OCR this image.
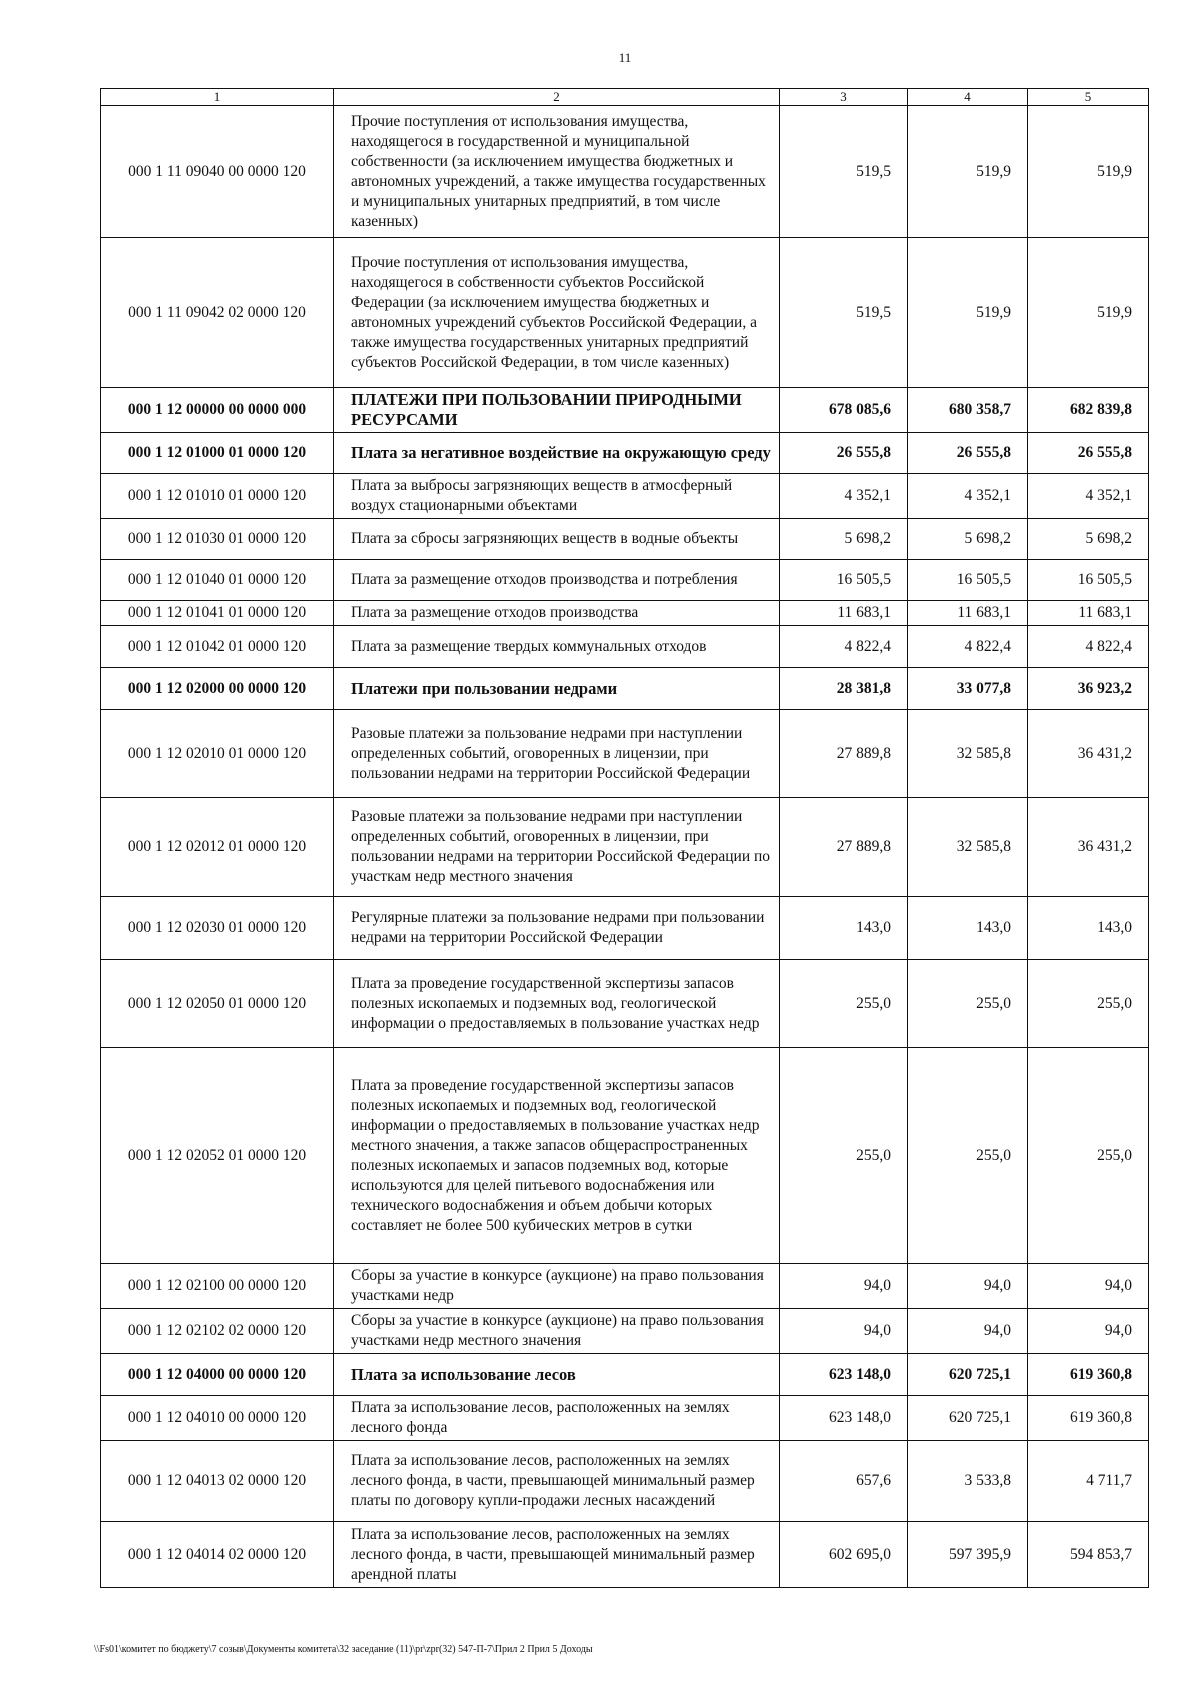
11
1	2	3	4	5
000 1 11 09040 00 0000 120	Прочие поступления от использования имущества, находящегося в государственной и муниципальной собственности (за исключением имущества бюджетных и автономных учреждений, а также имущества государственных и муниципальных унитарных предприятий, в том числе казенных)	519,5	519,9	519,9
000 1 11 09042 02 0000 120	Прочие поступления от использования имущества, находящегося в собственности субъектов Российской Федерации (за исключением имущества бюджетных и автономных учреждений субъектов Российской Федерации, а также имущества государственных унитарных предприятий субъектов Российской Федерации, в том числе казенных)	519,5	519,9	519,9
000 1 12 00000 00 0000 000	ПЛАТЕЖИ ПРИ ПОЛЬЗОВАНИИ ПРИРОДНЫМИ РЕСУРСАМИ	678 085,6	680 358,7	682 839,8
000 1 12 01000 01 0000 120	Плата за негативное воздействие на окружающую среду	26 555,8	26 555,8	26 555,8
000 1 12 01010 01 0000 120	Плата за выбросы загрязняющих веществ в атмосферный воздух стационарными объектами	4 352,1	4 352,1	4 352,1
000 1 12 01030 01 0000 120	Плата за сбросы загрязняющих веществ в водные объекты	5 698,2	5 698,2	5 698,2
000 1 12 01040 01 0000 120	Плата за размещение отходов производства и потребления	16 505,5	16 505,5	16 505,5
000 1 12 01041 01 0000 120	Плата за размещение отходов производства	11 683,1	11 683,1	11 683,1
000 1 12 01042 01 0000 120	Плата за размещение твердых коммунальных отходов	4 822,4	4 822,4	4 822,4
000 1 12 02000 00 0000 120	Платежи при пользовании недрами	28 381,8	33 077,8	36 923,2
000 1 12 02010 01 0000 120	Разовые платежи за пользование недрами при наступлении определенных событий, оговоренных в лицензии, при пользовании недрами на территории Российской Федерации	27 889,8	32 585,8	36 431,2
000 1 12 02012 01 0000 120	Разовые платежи за пользование недрами при наступлении определенных событий, оговоренных в лицензии, при пользовании недрами на территории Российской Федерации по участкам недр местного значения	27 889,8	32 585,8	36 431,2
000 1 12 02030 01 0000 120	Регулярные платежи за пользование недрами при пользовании недрами на территории Российской Федерации	143,0	143,0	143,0
000 1 12 02050 01 0000 120	Плата за проведение государственной экспертизы запасов полезных ископаемых и подземных вод, геологической информации о предоставляемых в пользование участках недр	255,0	255,0	255,0
000 1 12 02052 01 0000 120	Плата за проведение государственной экспертизы запасов полезных ископаемых и подземных вод, геологической информации о предоставляемых в пользование участках недр местного значения, а также запасов общераспространенных полезных ископаемых и запасов подземных вод, которые используются для целей питьевого водоснабжения или технического водоснабжения и объем добычи которых составляет не более 500 кубических метров в сутки	255,0	255,0	255,0
000 1 12 02100 00 0000 120	Сборы за участие в конкурсе (аукционе) на право пользования участками недр	94,0	94,0	94,0
000 1 12 02102 02 0000 120	Сборы за участие в конкурсе (аукционе) на право пользования участками недр местного значения	94,0	94,0	94,0
000 1 12 04000 00 0000 120	Плата за использование лесов	623 148,0	620 725,1	619 360,8
000 1 12 04010 00 0000 120	Плата за использование лесов, расположенных на землях лесного фонда	623 148,0	620 725,1	619 360,8
000 1 12 04013 02 0000 120	Плата за использование лесов, расположенных на землях лесного фонда, в части, превышающей минимальный размер платы по договору купли-продажи лесных насаждений	657,6	3 533,8	4 711,7
000 1 12 04014 02 0000 120	Плата за использование лесов, расположенных на землях лесного фонда, в части, превышающей минимальный размер арендной платы	602 695,0	597 395,9	594 853,7
\\Fs01\комитет по бюджету\7 созыв\Документы комитета\32 заседание (11)\pr\zpr(32) 547-П-7\Прил 2 Прил 5 Доходы
